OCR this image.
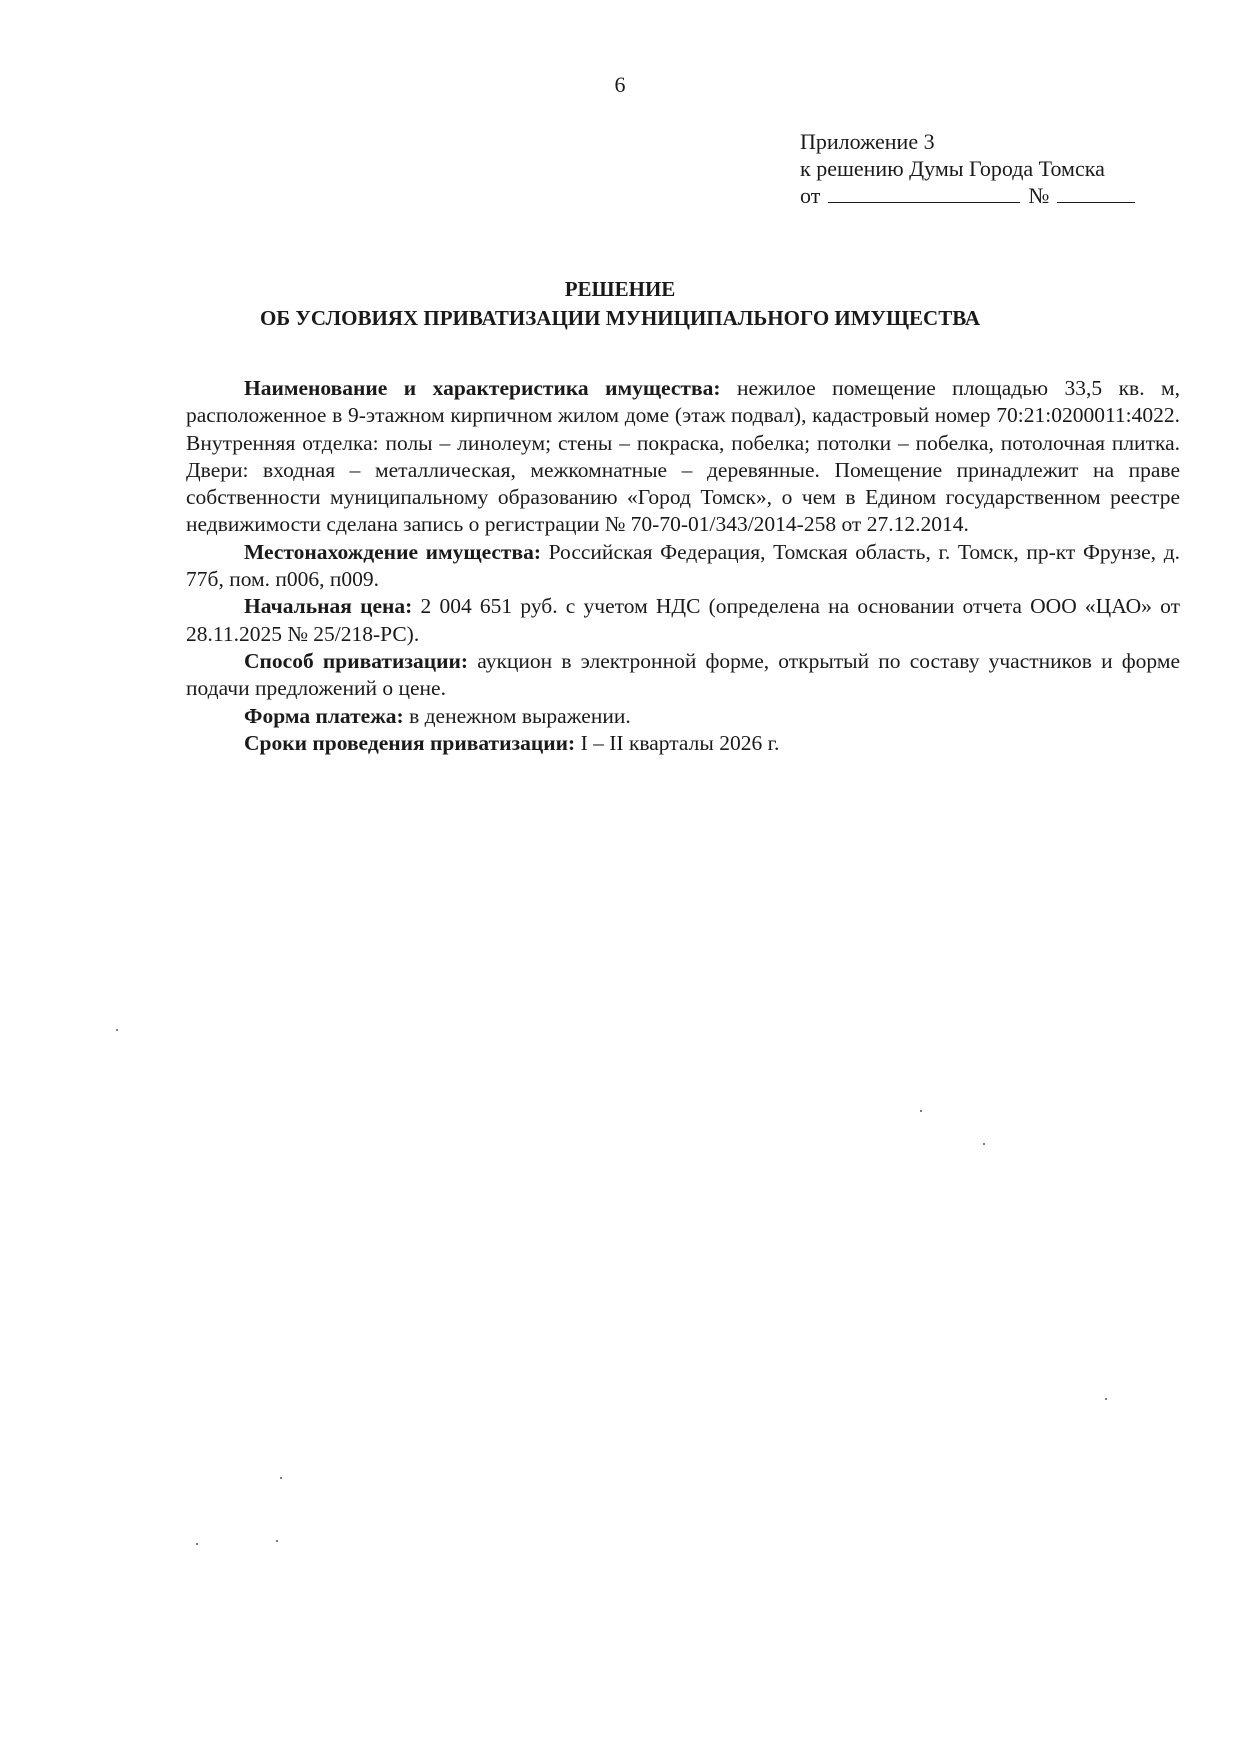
6
Приложение 3
к решению Думы Города Томска
от	№
РЕШЕНИЕ
ОБ УСЛОВИЯХ ПРИВАТИЗАЦИИ МУНИЦИПАЛЬНОГО ИМУЩЕСТВА

Наименование и характеристика имущества: нежилое помещение площадью 33,5 кв. м, расположенное в 9-этажном кирпичном жилом доме (этаж подвал), кадастровый номер 70:21:0200011:4022. Внутренняя отделка: полы – линолеум; стены – покраска, побелка; потолки – побелка, потолочная плитка. Двери: входная – металлическая, межкомнатные – деревянные. Помещение принадлежит на праве собственности муниципальному образованию «Город Томск», о чем в Едином государственном реестре недвижимости сделана запись о регистрации № 70-70-01/343/2014-258 от 27.12.2014.

Местонахождение имущества: Российская Федерация, Томская область, г. Томск, пр-кт Фрунзе, д. 77б, пом. п006, п009.

Начальная цена: 2 004 651 руб. с учетом НДС (определена на основании отчета ООО «ЦАО» от 28.11.2025 № 25/218-РС).

Способ приватизации: аукцион в электронной форме, открытый по составу участников и форме подачи предложений о цене.

Форма платежа: в денежном выражении.

Сроки проведения приватизации: I – II кварталы 2026 г.
